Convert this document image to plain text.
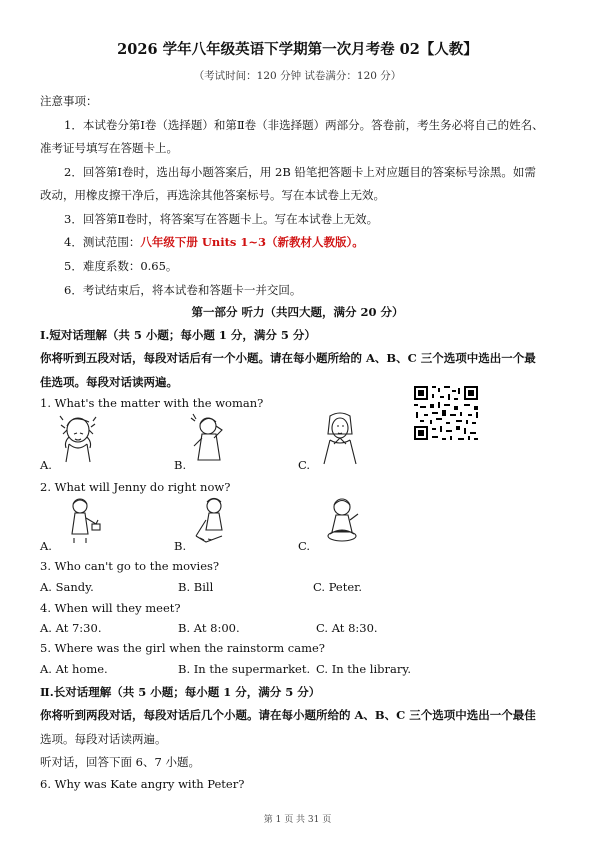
2026 学年八年级英语下学期第一次月考卷 02【人教】
（考试时间：120 分钟 试卷满分：120 分）
注意事项：
1．本试卷分第Ⅰ卷（选择题）和第Ⅱ卷（非选择题）两部分。答卷前，考生务必将自己的姓名、
准考证号填写在答题卡上。
2．回答第Ⅰ卷时，选出每小题答案后，用 2B 铅笔把答题卡上对应题目的答案标号涂黑。如需
改动，用橡皮擦干净后，再选涂其他答案标号。写在本试卷上无效。
3．回答第Ⅱ卷时，将答案写在答题卡上。写在本试卷上无效。
4．测试范围：八年级下册 Units 1~3（新教材人教版）。
5．难度系数：0.65。
6．考试结束后，将本试卷和答题卡一并交回。
第一部分 听力（共四大题，满分 20 分）
Ⅰ.短对话理解（共 5 小题；每小题 1 分，满分 5 分）
你将听到五段对话，每段对话后有一个小题。请在每小题所给的 A、B、C 三个选项中选出一个最
佳选项。每段对话读两遍。
1. What's the matter with the woman?
A.	B.	C.
2. What will Jenny do right now?
A.	B.	C.
3. Who can't go to the movies?
A. Sandy.	B. Bill	C. Peter.
4. When will they meet?
A. At 7:30.	B. At 8:00.	C. At 8:30.
5. Where was the girl when the rainstorm came?
A. At home.	B. In the supermarket. C. In the library.
Ⅱ.长对话理解（共 5 小题；每小题 1 分，满分 5 分）
你将听到两段对话，每段对话后几个小题。请在每小题所给的 A、B、C 三个选项中选出一个最佳
选项。每段对话读两遍。
听对话，回答下面 6、7 小题。
6. Why was Kate angry with Peter?
第 1 页 共 31 页
